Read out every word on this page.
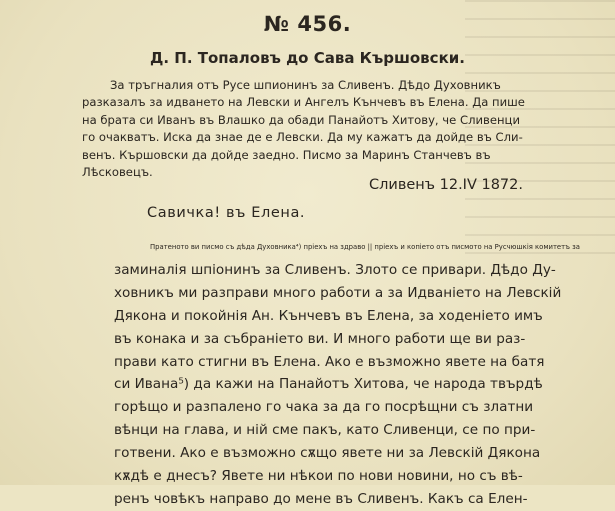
№ 456.
Д. П. Топаловъ до Сава Кършовски.
За тръгналия отъ Русе шпионинъ за Сливенъ. Дѣдо Духовникъ
разказалъ за идването на Левски и Ангелъ Кънчевъ въ Елена. Да пише
на брата си Иванъ въ Влашко да обади Панайотъ Хитову, че Сливенци
го очакватъ. Иска да знае де е Левски. Да му кажатъ да дойде въ Сли-
венъ. Кършовски да дойде заедно. Писмо за Маринъ Станчевъ въ
Лѣсковецъ.
Сливенъ 12.IV 1872.
Савичка! въ Елена.
Пратеното ви писмо съ дѣда Духовника⁴) пріехъ на здраво || пріехъ и копіето отъ писмото на Русчюшкія комитетъ за
заминалія шпіонинъ за Сливенъ. Злото се привари. Дѣдо Ду-
ховникъ ми разправи много работи а за Идваніето на Левскій
Дякона и покойнія Ан. Кънчевъ въ Елена, за ходеніето имъ
въ конака и за събраніето ви. И много работи ще ви раз-
прави като стигни въ Елена. Ако е възможно явете на батя
си Ивана⁵) да кажи на Панайотъ Хитова, че народа твърдѣ
горѣщо и разпалено го чака за да го посрѣщни съ златни
вѣнци на глава, и ній сме пакъ, като Сливенци, се по при-
готвени. Ако е възможно сѫщо явете ни за Левскій Дякона
кѫдѣ е днесъ? Явете ни нѣкои по нови новини, но съ вѣ-
ренъ човѣкъ направо до мене въ Сливенъ. Какъ са Елен-
